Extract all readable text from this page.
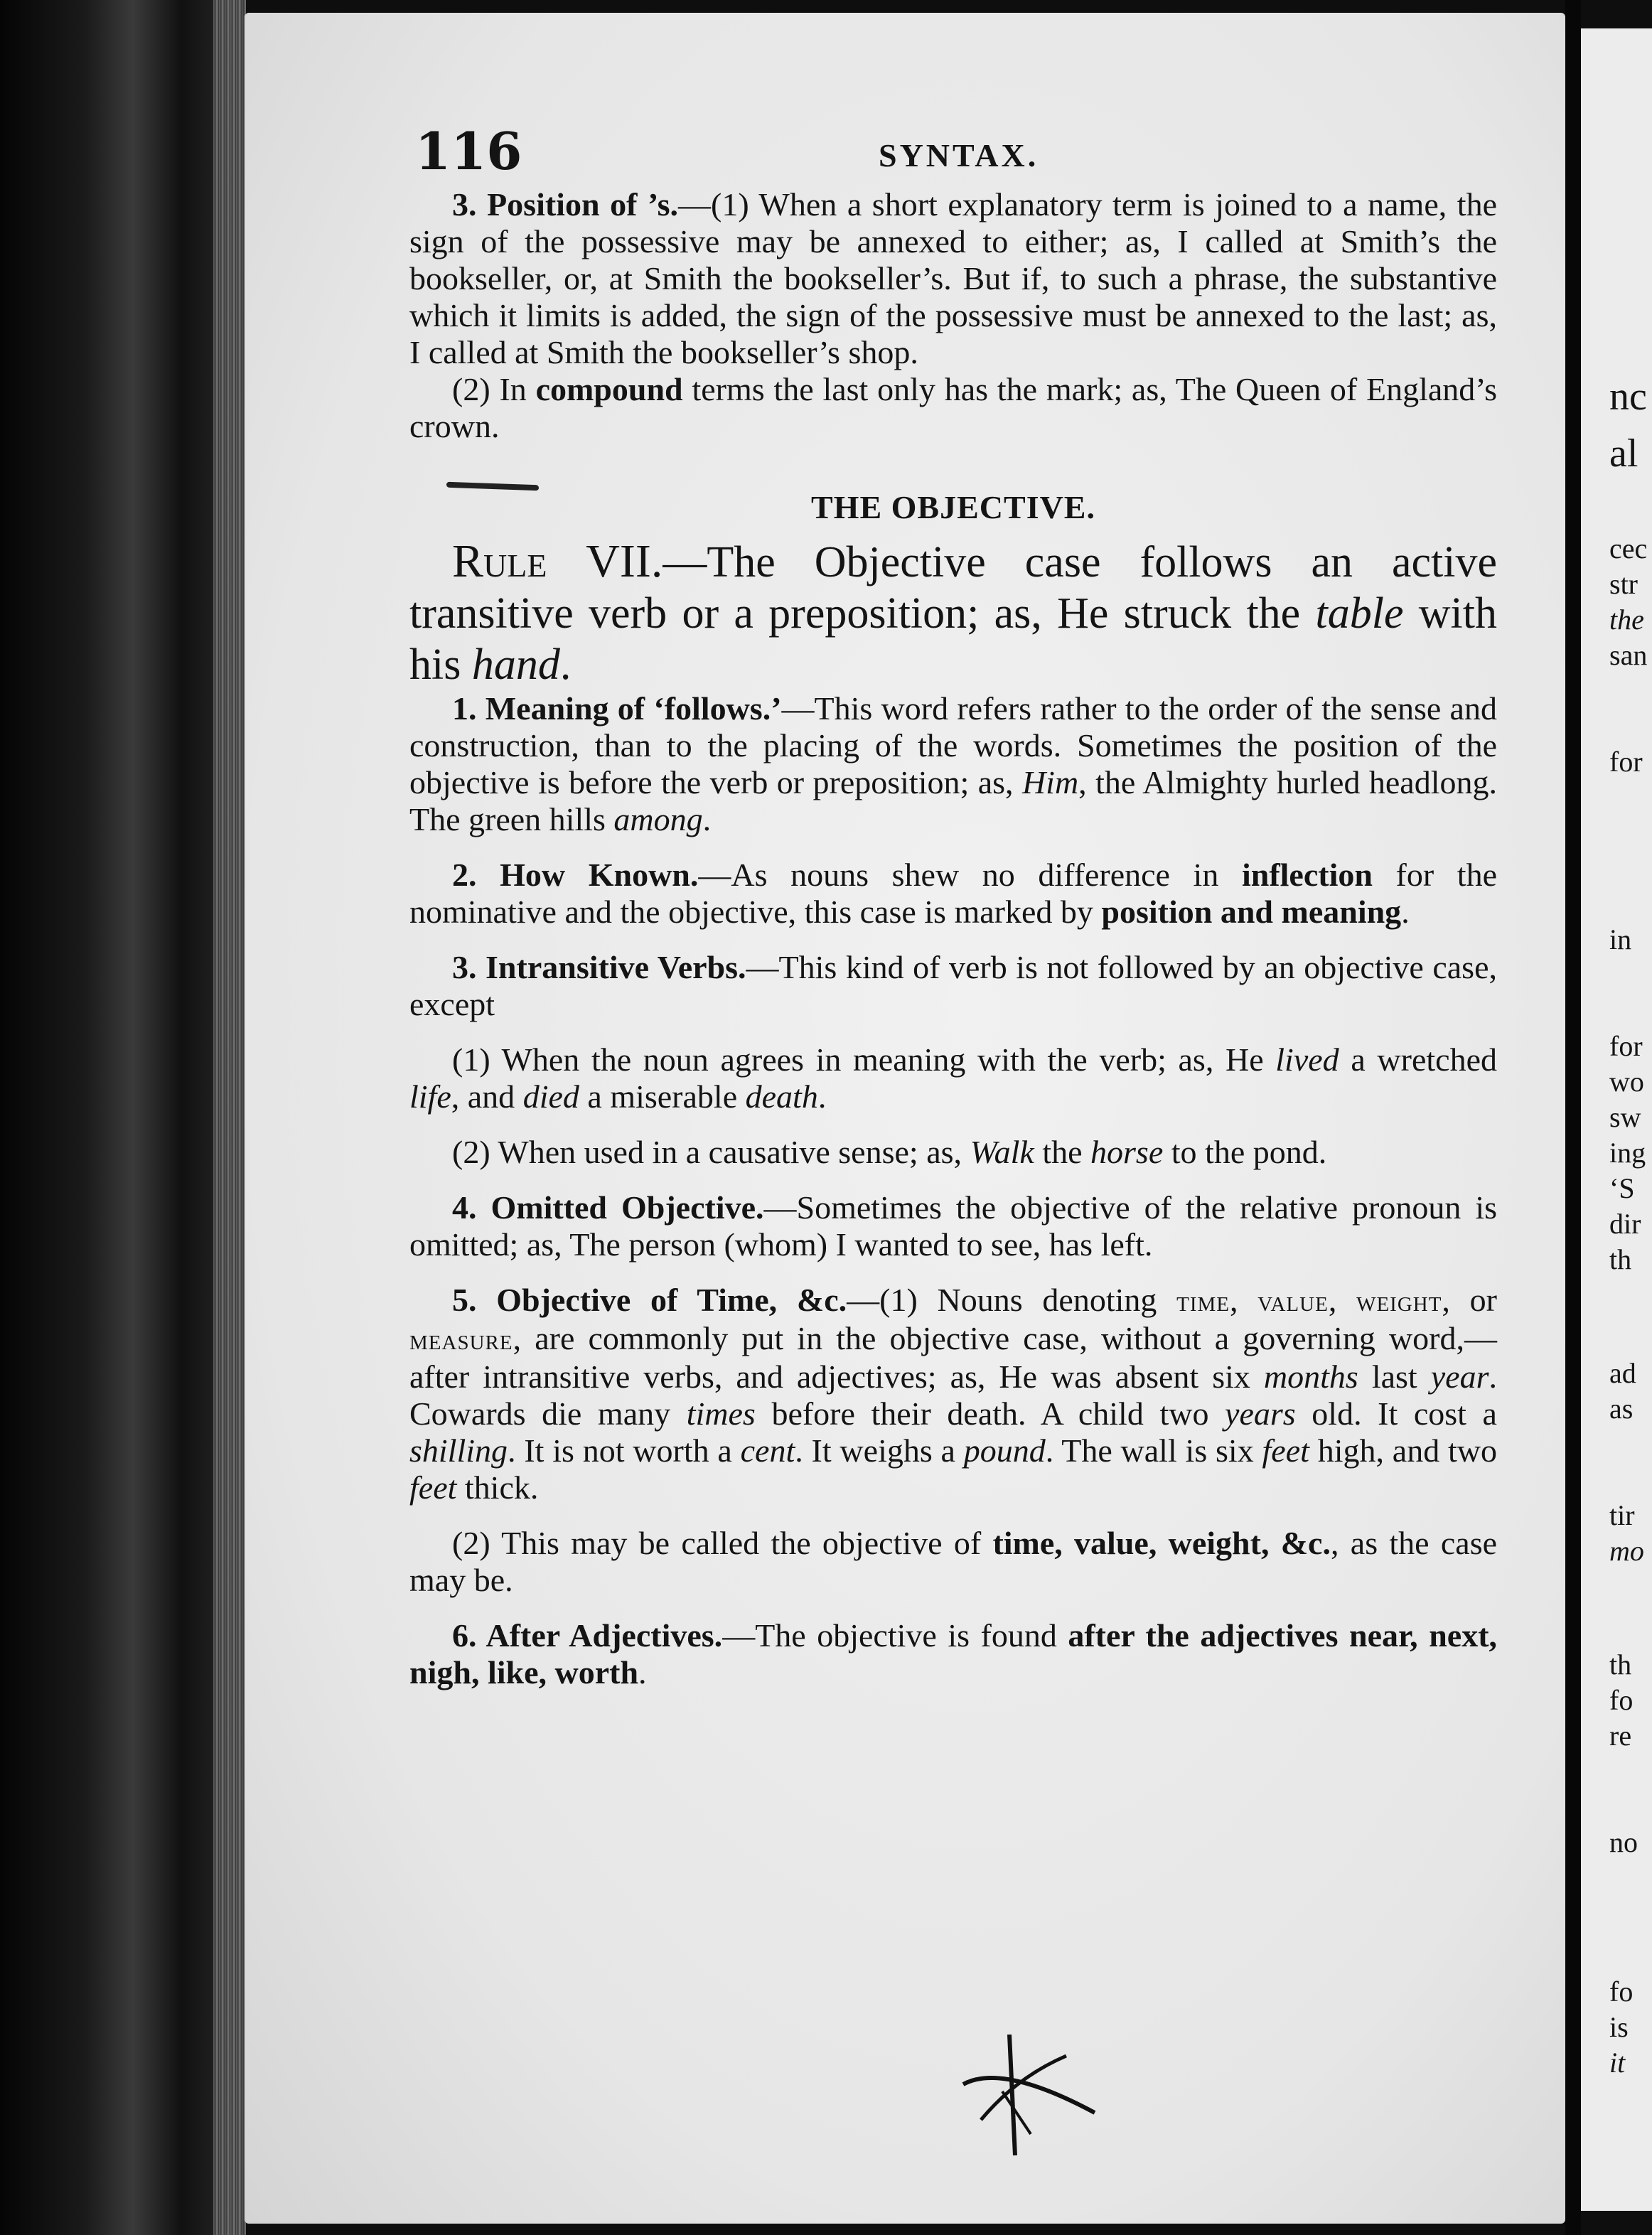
nc
al
cec
str
the
san
for
in
for
wo
sw
ing
‘S
dir
th
ad
as
tir
mo
th
fo
re
no
fo
is
it
116	SYNTAX.

3. Position of ’s.—(1) When a short explanatory term is joined to a name, the sign of the possessive may be annexed to either; as, I called at Smith’s the bookseller, or, at Smith the bookseller’s. But if, to such a phrase, the substantive which it limits is added, the sign of the possessive must be annexed to the last; as, I called at Smith the bookseller’s shop.

(2) In compound terms the last only has the mark; as, The Queen of England’s crown.

THE OBJECTIVE.

Rule VII.—The Objective case follows an active transitive verb or a preposition; as, He struck the table with his hand.

1. Meaning of ‘follows.’—This word refers rather to the order of the sense and construction, than to the placing of the words. Sometimes the position of the objective is before the verb or preposition; as, Him, the Almighty hurled headlong. The green hills among.

2. How Known.—As nouns shew no difference in inflection for the nominative and the objective, this case is marked by position and meaning.

3. Intransitive Verbs.—This kind of verb is not followed by an objective case, except

(1) When the noun agrees in meaning with the verb; as, He lived a wretched life, and died a miserable death.

(2) When used in a causative sense; as, Walk the horse to the pond.

4. Omitted Objective.—Sometimes the objective of the relative pronoun is omitted; as, The person (whom) I wanted to see, has left.

5. Objective of Time, &c.—(1) Nouns denoting time, value, weight, or measure, are commonly put in the objective case, without a governing word,—after intransitive verbs, and adjectives; as, He was absent six months last year. Cowards die many times before their death. A child two years old. It cost a shilling. It is not worth a cent. It weighs a pound. The wall is six feet high, and two feet thick.

(2) This may be called the objective of time, value, weight, &c., as the case may be.

6. After Adjectives.—The objective is found after the adjectives near, next, nigh, like, worth.
